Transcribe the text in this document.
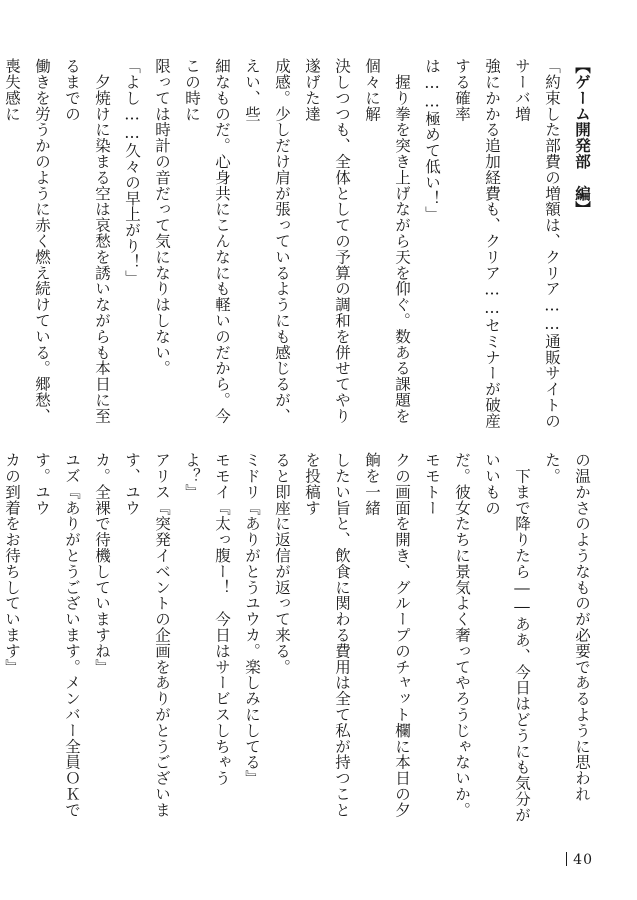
【ゲーム開発部　編】
「約束した部費の増額は、クリア……通販サイトのサーバ増
強にかかる追加経費も、クリア……セミナーが破産する確率
は……極めて低い！」
　握り拳を突き上げながら天を仰ぐ。数ある課題を個々に解
決しつつも、全体としての予算の調和を併せてやり遂げた達
成感。少しだけ肩が張っているようにも感じるが、えい、些
細なものだ。心身共にこんなにも軽いのだから。今この時に
限っては時計の音だって気になりはしない。
「よし……久々の早上がり！」
　夕焼けに染まる空は哀愁を誘いながらも本日に至るまでの
働きを労うかのように赤く燃え続けている。郷愁、喪失感に
の温かさのようなものが必要であるように思われた。
　下まで降りたら――ああ、今日はどうにも気分がいいもの
だ。彼女たちに景気よく奢ってやろうじゃないか。モモトー
クの画面を開き、グループのチャット欄に本日の夕餉を一緒
したい旨と、飲食に関わる費用は全て私が持つことを投稿す
ると即座に返信が返って来る。
ミドリ『ありがとうユウカ。楽しみにしてる』
モモイ『太っ腹ー！　今日はサービスしちゃうよ？』
アリス『突発イベントの企画をありがとうございます、ユウ
カ。全裸で待機していますね』
ユズ『ありがとうございます。メンバー全員ＯＫです。ユウ
カの到着をお待ちしています』
40
